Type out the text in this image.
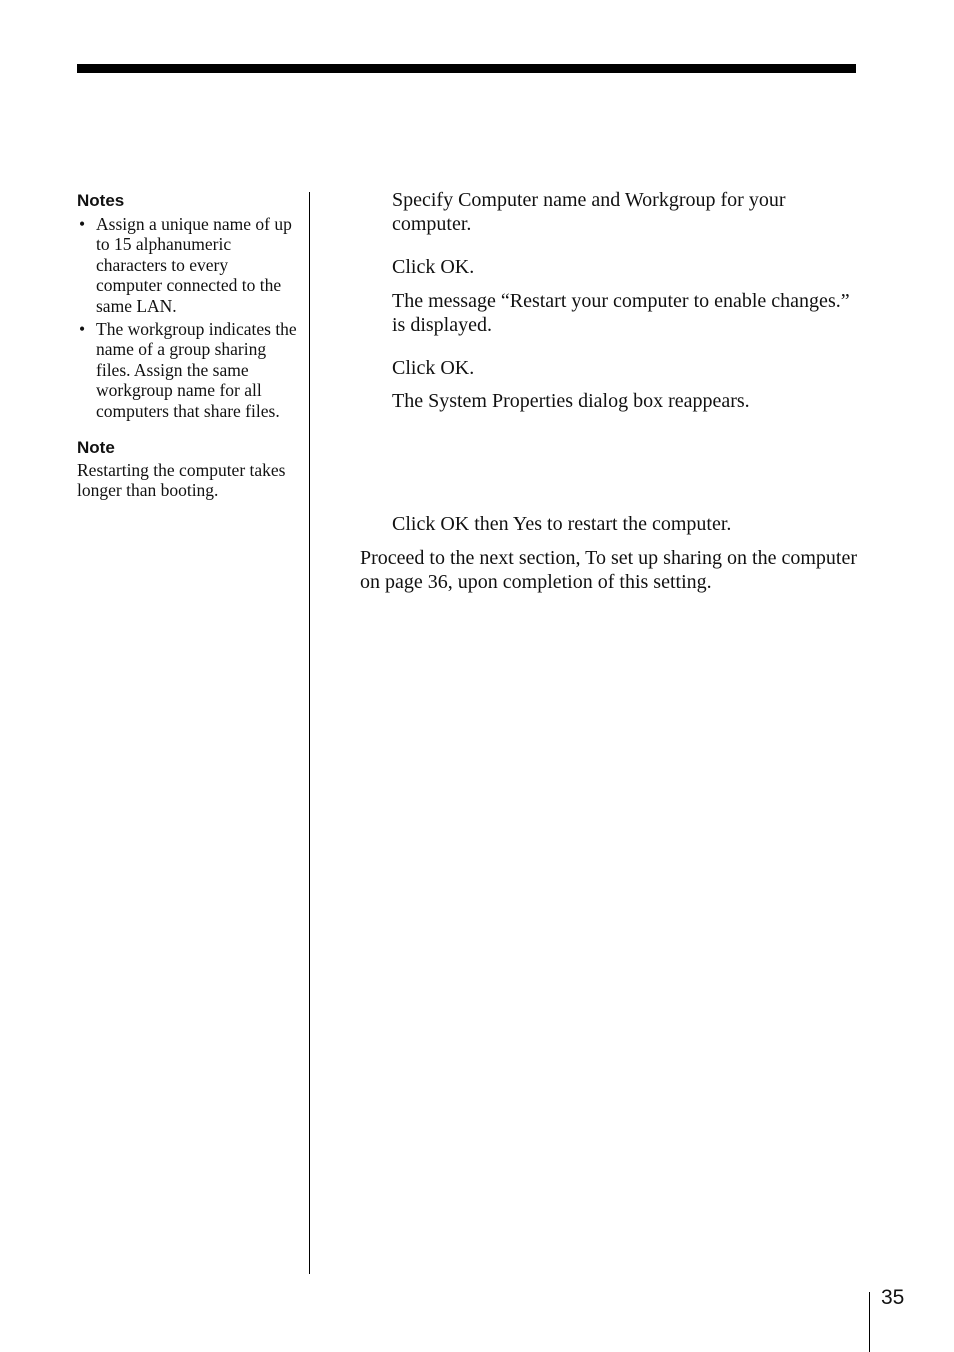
Notes
• Assign a unique name of up to 15 alphanumeric characters to every computer connected to the same LAN.
• The workgroup indicates the name of a group sharing files. Assign the same workgroup name for all computers that share files.
Note

Restarting the computer takes longer than booting.

Specify Computer name and Workgroup for your computer.

Click OK.

The message “Restart your computer to enable changes.” is displayed.

Click OK.

The System Properties dialog box reappears.

Click OK then Yes to restart the computer.

Proceed to the next section, To set up sharing on the computer on page 36, upon completion of this setting.

35
